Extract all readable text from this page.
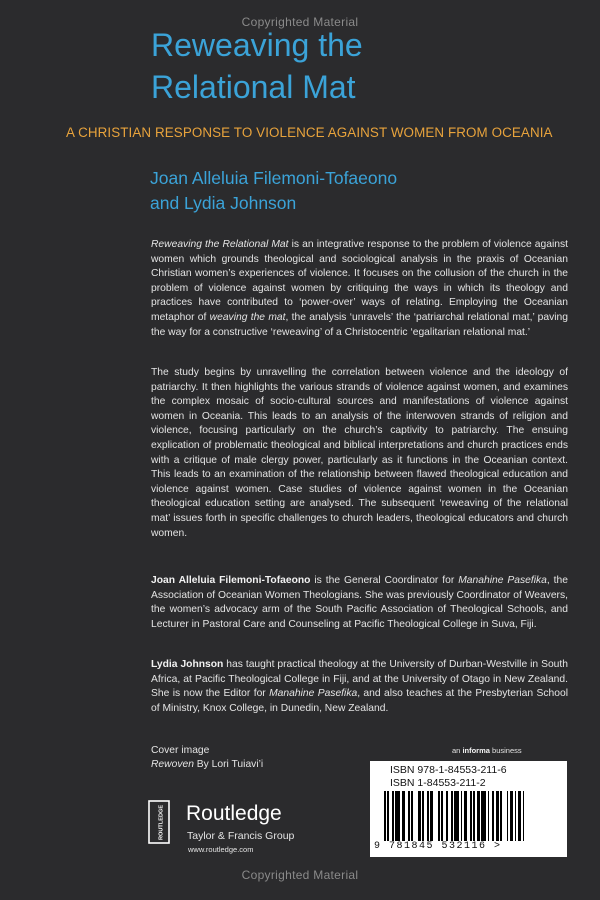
Copyrighted Material
Reweaving the
Relational Mat
A CHRISTIAN RESPONSE TO VIOLENCE AGAINST WOMEN FROM OCEANIA
Joan Alleluia Filemoni-Tofaeono
and Lydia Johnson

Reweaving the Relational Mat is an integrative response to the problem of violence against women which grounds theological and sociological analysis in the praxis of Oceanian Christian women’s experiences of violence. It focuses on the collusion of the church in the problem of violence against women by critiquing the ways in which its theology and practices have contributed to ‘power-over’ ways of relating. Employing the Oceanian metaphor of weaving the mat, the analysis ‘unravels’ the ‘patriarchal relational mat,’ paving the way for a constructive ‘reweaving’ of a Christocentric ‘egalitarian relational mat.’

The study begins by unravelling the correlation between violence and the ideology of patriarchy. It then highlights the various strands of violence against women, and examines the complex mosaic of socio-cultural sources and manifestations of violence against women in Oceania. This leads to an analysis of the interwoven strands of religion and violence, focusing particularly on the church’s captivity to patriarchy. The ensuing explication of problematic theological and biblical interpretations and church practices ends with a critique of male clergy power, particularly as it functions in the Oceanian context. This leads to an examination of the relationship between flawed theological education and violence against women. Case studies of violence against women in the Oceanian theological education setting are analysed. The subsequent ‘reweaving of the relational mat’ issues forth in specific challenges to church leaders, theological educators and church women.

Joan Alleluia Filemoni-Tofaeono is the General Coordinator for Manahine Pasefika, the Association of Oceanian Women Theologians. She was previously Coordinator of Weavers, the women’s advocacy arm of the South Pacific Association of Theological Schools, and Lecturer in Pastoral Care and Counseling at Pacific Theological College in Suva, Fiji.

Lydia Johnson has taught practical theology at the University of Durban-Westville in South Africa, at Pacific Theological College in Fiji, and at the University of Otago in New Zealand. She is now the Editor for Manahine Pasefika, and also teaches at the Presbyterian School of Ministry, Knox College, in Dunedin, New Zealand.

Cover image
Rewoven By Lori Tuiavi’i
an informa business
ISBN 978-1-84553-211-6
ISBN 1-84553-211-2
9 781845 532116 >
ROUTLEDGE Routledge
Taylor & Francis Group
www.routledge.com
Copyrighted Material
